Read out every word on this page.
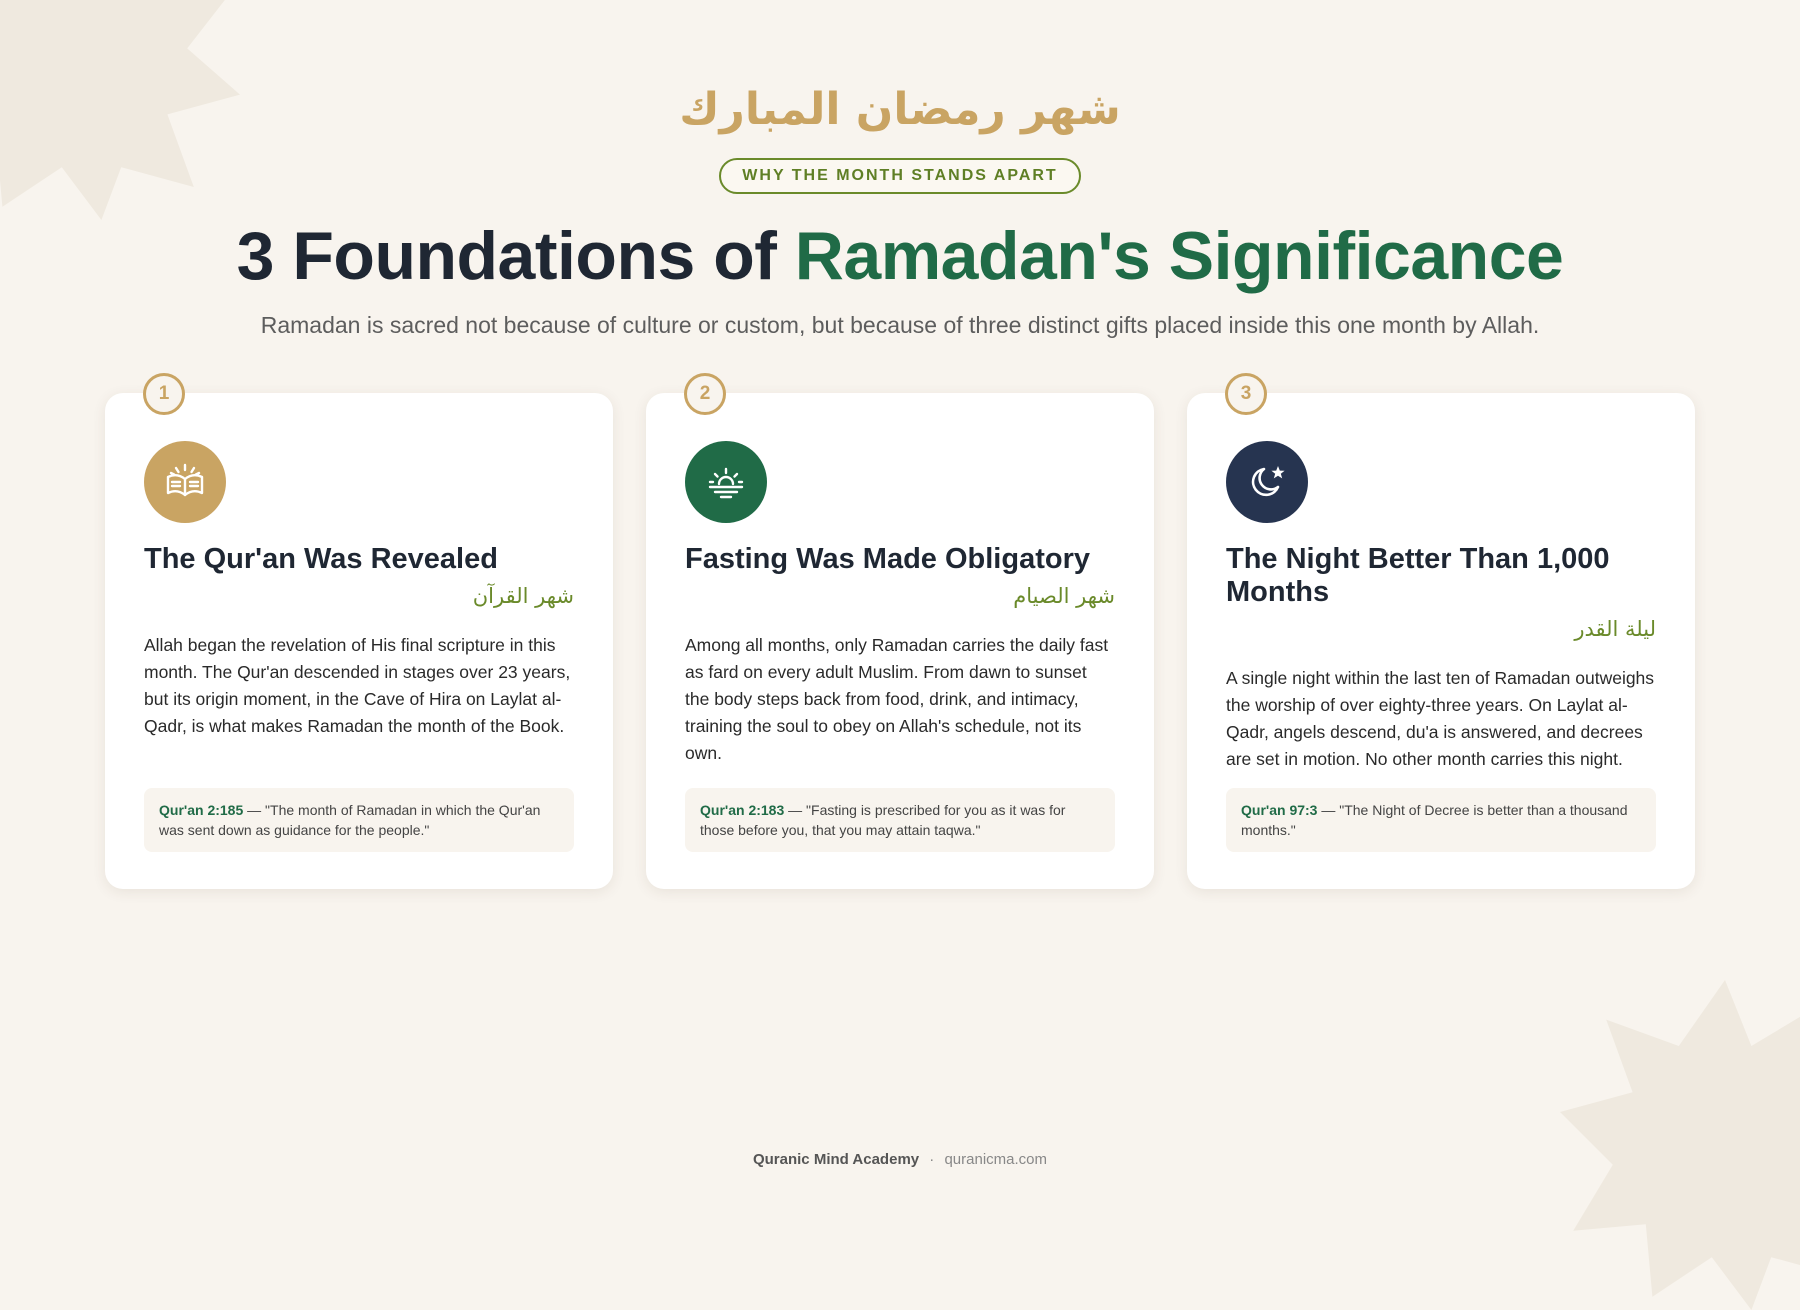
شهر رمضان المبارك
WHY THE MONTH STANDS APART
3 Foundations of Ramadan's Significance
Ramadan is sacred not because of culture or custom, but because of three distinct gifts placed inside this one month by Allah.
1
The Qur'an Was Revealed
شهر القرآن
Allah began the revelation of His final scripture in this month. The Qur'an descended in stages over 23 years, but its origin moment, in the Cave of Hira on Laylat al-Qadr, is what makes Ramadan the month of the Book.
Qur'an 2:185 — "The month of Ramadan in which the Qur'an was sent down as guidance for the people."
2
Fasting Was Made Obligatory
شهر الصيام
Among all months, only Ramadan carries the daily fast as fard on every adult Muslim. From dawn to sunset the body steps back from food, drink, and intimacy, training the soul to obey on Allah's schedule, not its own.
Qur'an 2:183 — "Fasting is prescribed for you as it was for those before you, that you may attain taqwa."
3
The Night Better Than 1,000 Months
ليلة القدر
A single night within the last ten of Ramadan outweighs the worship of over eighty-three years. On Laylat al-Qadr, angels descend, du'a is answered, and decrees are set in motion. No other month carries this night.
Qur'an 97:3 — "The Night of Decree is better than a thousand months."
Quranic Mind Academy · quranicma.com
